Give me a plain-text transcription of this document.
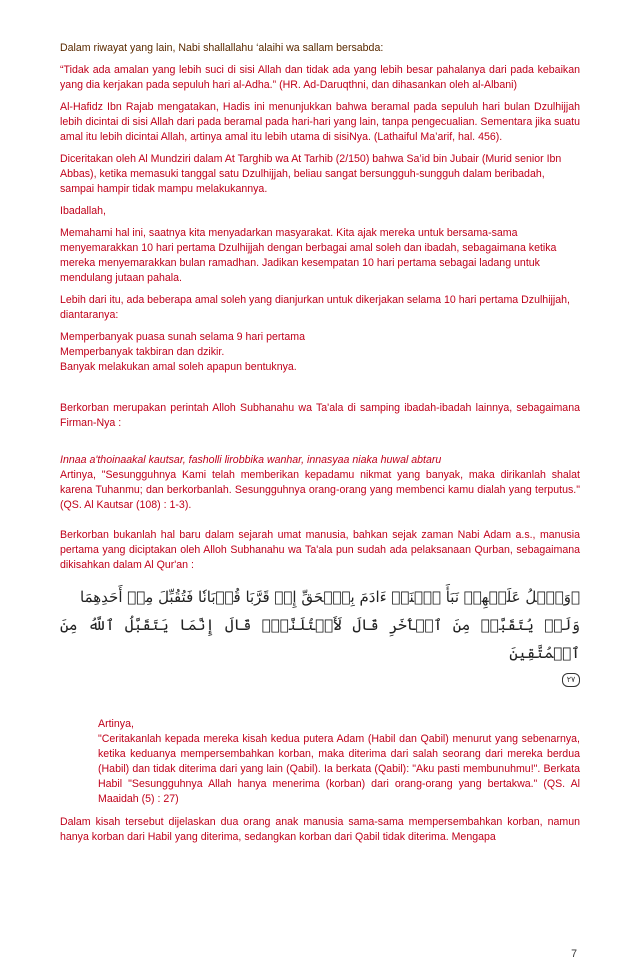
Dalam riwayat yang lain, Nabi shallallahu ‘alaihi wa sallam bersabda:

“Tidak ada amalan yang lebih suci di sisi Allah dan tidak ada yang lebih besar pahalanya dari pada kebaikan yang dia kerjakan pada sepuluh hari al-Adha.” (HR. Ad-Daruqthni, dan dihasankan oleh al-Albani)

Al-Hafidz Ibn Rajab mengatakan, Hadis ini menunjukkan bahwa beramal pada sepuluh hari bulan Dzulhijjah lebih dicintai di sisi Allah dari pada beramal pada hari-hari yang lain, tanpa pengecualian. Sementara jika suatu amal itu lebih dicintai Allah, artinya amal itu lebih utama di sisiNya. (Lathaiful Ma’arif, hal. 456).

Diceritakan oleh Al Mundziri dalam At Targhib wa At Tarhib (2/150) bahwa Sa’id bin Jubair (Murid senior Ibn Abbas), ketika memasuki tanggal satu Dzulhijjah, beliau sangat bersungguh-sungguh dalam beribadah, sampai hampir tidak mampu melakukannya.

Ibadallah,

Memahami hal ini, saatnya kita menyadarkan masyarakat. Kita ajak mereka untuk bersama-sama menyemarakkan 10 hari pertama Dzulhijjah dengan berbagai amal soleh dan ibadah, sebagaimana ketika mereka menyemarakkan bulan ramadhan. Jadikan kesempatan 10 hari pertama sebagai ladang untuk mendulang jutaan pahala.

Lebih dari itu, ada beberapa amal soleh yang dianjurkan untuk dikerjakan selama 10 hari pertama Dzulhijjah, diantaranya:

Memperbanyak puasa sunah selama 9 hari pertama

Memperbanyak takbiran dan dzikir.

Banyak melakukan amal soleh apapun bentuknya.

Berkorban merupakan perintah Alloh Subhanahu wa Ta'ala di samping ibadah-ibadah lainnya, sebagaimana Firman-Nya :

Innaa a'thoinaakal kautsar, fasholli lirobbika wanhar, innasyaa niaka huwal abtaru

Artinya, "Sesungguhnya Kami telah memberikan kepadamu nikmat yang banyak, maka dirikanlah shalat karena Tuhanmu; dan berkorbanlah. Sesungguhnya orang-orang yang membenci kamu dialah yang terputus." (QS. Al Kautsar (108) : 1-3).

Berkorban bukanlah hal baru dalam sejarah umat manusia, bahkan sejak zaman Nabi Adam a.s., manusia pertama yang diciptakan oleh Alloh Subhanahu wa Ta'ala pun sudah ada pelaksanaan Qurban, sebagaimana dikisahkan dalam Al Qur'an :

۞وَٱتۡلُ عَلَيۡهِمۡ نَبَأَ ٱبۡنَيۡ ءَادَمَ بِٱلۡحَقِّ إِذۡ قَرَّبَا قُرۡبَانٗا فَتُقُبِّلَ مِنۡ أَحَدِهِمَا

وَلَمۡ يُتَقَبَّلۡ مِنَ ٱلۡأٓخَرِ قَالَ لَأَقۡتُلَنَّكَۖ قَالَ إِنَّمَا يَتَقَبَّلُ ٱللَّهُ مِنَ ٱلۡمُتَّقِينَ

٢٧

Artinya,

"Ceritakanlah kepada mereka kisah kedua putera Adam (Habil dan Qabil) menurut yang sebenarnya, ketika keduanya mempersembahkan korban, maka diterima dari salah seorang dari mereka berdua (Habil) dan tidak diterima dari yang lain (Qabil). Ia berkata (Qabil): "Aku pasti membunuhmu!". Berkata Habil "Sesungguhnya Allah hanya menerima (korban) dari orang-orang yang bertakwa." (QS. Al Maaidah (5) : 27)

Dalam kisah tersebut dijelaskan dua orang anak manusia sama-sama mempersembahkan korban, namun hanya korban dari Habil yang diterima, sedangkan korban dari Qabil tidak diterima. Mengapa

7
